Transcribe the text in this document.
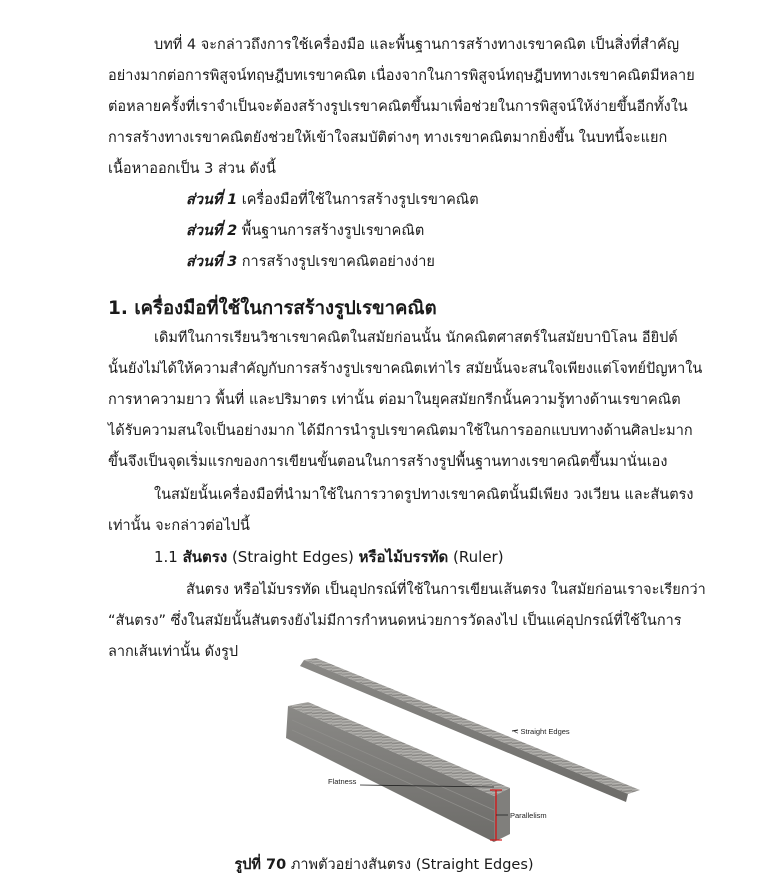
บทที่ 4 จะกล่าวถึงการใช้เครื่องมือ และพื้นฐานการสร้างทางเรขาคณิต เป็นสิ่งที่สำคัญ
อย่างมากต่อการพิสูจน์ทฤษฎีบทเรขาคณิต เนื่องจากในการพิสูจน์ทฤษฎีบททางเรขาคณิตมีหลาย
ต่อหลายครั้งที่เราจำเป็นจะต้องสร้างรูปเรขาคณิตขึ้นมาเพื่อช่วยในการพิสูจน์ให้ง่ายขึ้นอีกทั้งใน
การสร้างทางเรขาคณิตยังช่วยให้เข้าใจสมบัติต่างๆ ทางเรขาคณิตมากยิ่งขึ้น ในบทนี้จะแยก
เนื้อหาออกเป็น 3 ส่วน ดังนี้
ส่วนที่ 1 เครื่องมือที่ใช้ในการสร้างรูปเรขาคณิต
ส่วนที่ 2 พื้นฐานการสร้างรูปเรขาคณิต
ส่วนที่ 3 การสร้างรูปเรขาคณิตอย่างง่าย
1. เครื่องมือที่ใช้ในการสร้างรูปเรขาคณิต
เดิมทีในการเรียนวิชาเรขาคณิตในสมัยก่อนนั้น นักคณิตศาสตร์ในสมัยบาบิโลน อียิปต์
นั้นยังไม่ได้ให้ความสำคัญกับการสร้างรูปเรขาคณิตเท่าไร สมัยนั้นจะสนใจเพียงแต่โจทย์ปัญหาใน
การหาความยาว พื้นที่ และปริมาตร เท่านั้น ต่อมาในยุคสมัยกรีกนั้นความรู้ทางด้านเรขาคณิต
ได้รับความสนใจเป็นอย่างมาก ได้มีการนำรูปเรขาคณิตมาใช้ในการออกแบบทางด้านศิลปะมาก
ขึ้นจึงเป็นจุดเริ่มแรกของการเขียนขั้นตอนในการสร้างรูปพื้นฐานทางเรขาคณิตขึ้นมานั่นเอง
ในสมัยนั้นเครื่องมือที่นำมาใช้ในการวาดรูปทางเรขาคณิตนั้นมีเพียง วงเวียน และสันตรง
เท่านั้น จะกล่าวต่อไปนี้
1.1 สันตรง (Straight Edges) หรือไม้บรรทัด (Ruler)
สันตรง หรือไม้บรรทัด เป็นอุปกรณ์ที่ใช้ในการเขียนเส้นตรง ในสมัยก่อนเราจะเรียกว่า
“สันตรง” ซึ่งในสมัยนั้นสันตรงยังไม่มีการกำหนดหน่วยการวัดลงไป เป็นแค่อุปกรณ์ที่ใช้ในการ
ลากเส้นเท่านั้น ดังรูป
< Straight Edges
Flatness
Parallelism
รูปที่ 70 ภาพตัวอย่างสันตรง (Straight Edges)
